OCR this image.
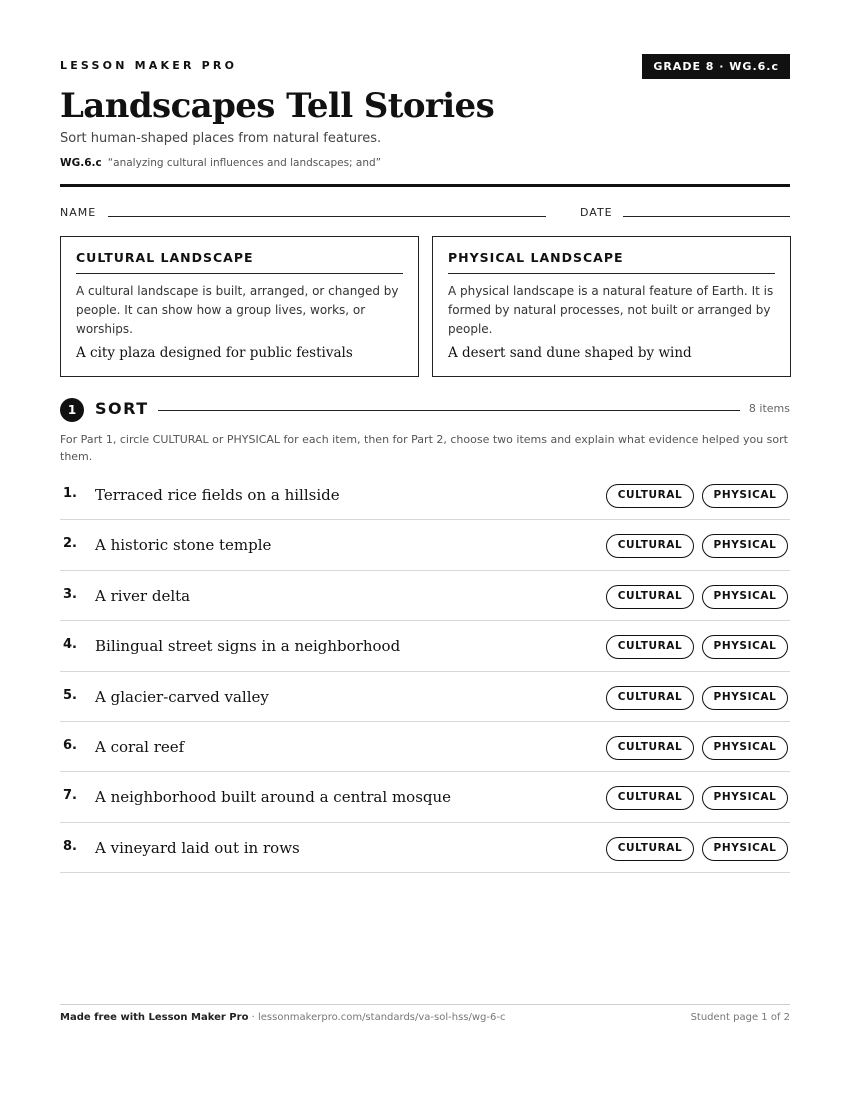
LESSON MAKER PRO	GRADE 8 · WG.6.c
Landscapes Tell Stories
Sort human-shaped places from natural features.
WG.6.c “analyzing cultural influences and landscapes; and”
NAME	DATE
CULTURAL LANDSCAPE
A cultural landscape is built, arranged, or changed by people. It can show how a group lives, works, or worships.
A city plaza designed for public festivals
PHYSICAL LANDSCAPE
A physical landscape is a natural feature of Earth. It is formed by natural processes, not built or arranged by people.
A desert sand dune shaped by wind
1	SORT	8 items
For Part 1, circle CULTURAL or PHYSICAL for each item, then for Part 2, choose two items and explain what evidence helped you sort them.
1. Terraced rice fields on a hillside	CULTURAL	PHYSICAL
2. A historic stone temple	CULTURAL	PHYSICAL
3. A river delta	CULTURAL	PHYSICAL
4. Bilingual street signs in a neighborhood	CULTURAL	PHYSICAL
5. A glacier-carved valley	CULTURAL	PHYSICAL
6. A coral reef	CULTURAL	PHYSICAL
7. A neighborhood built around a central mosque	CULTURAL	PHYSICAL
8. A vineyard laid out in rows	CULTURAL	PHYSICAL
Made free with Lesson Maker Pro · lessonmakerpro.com/standards/va-sol-hss/wg-6-c	Student page 1 of 2
